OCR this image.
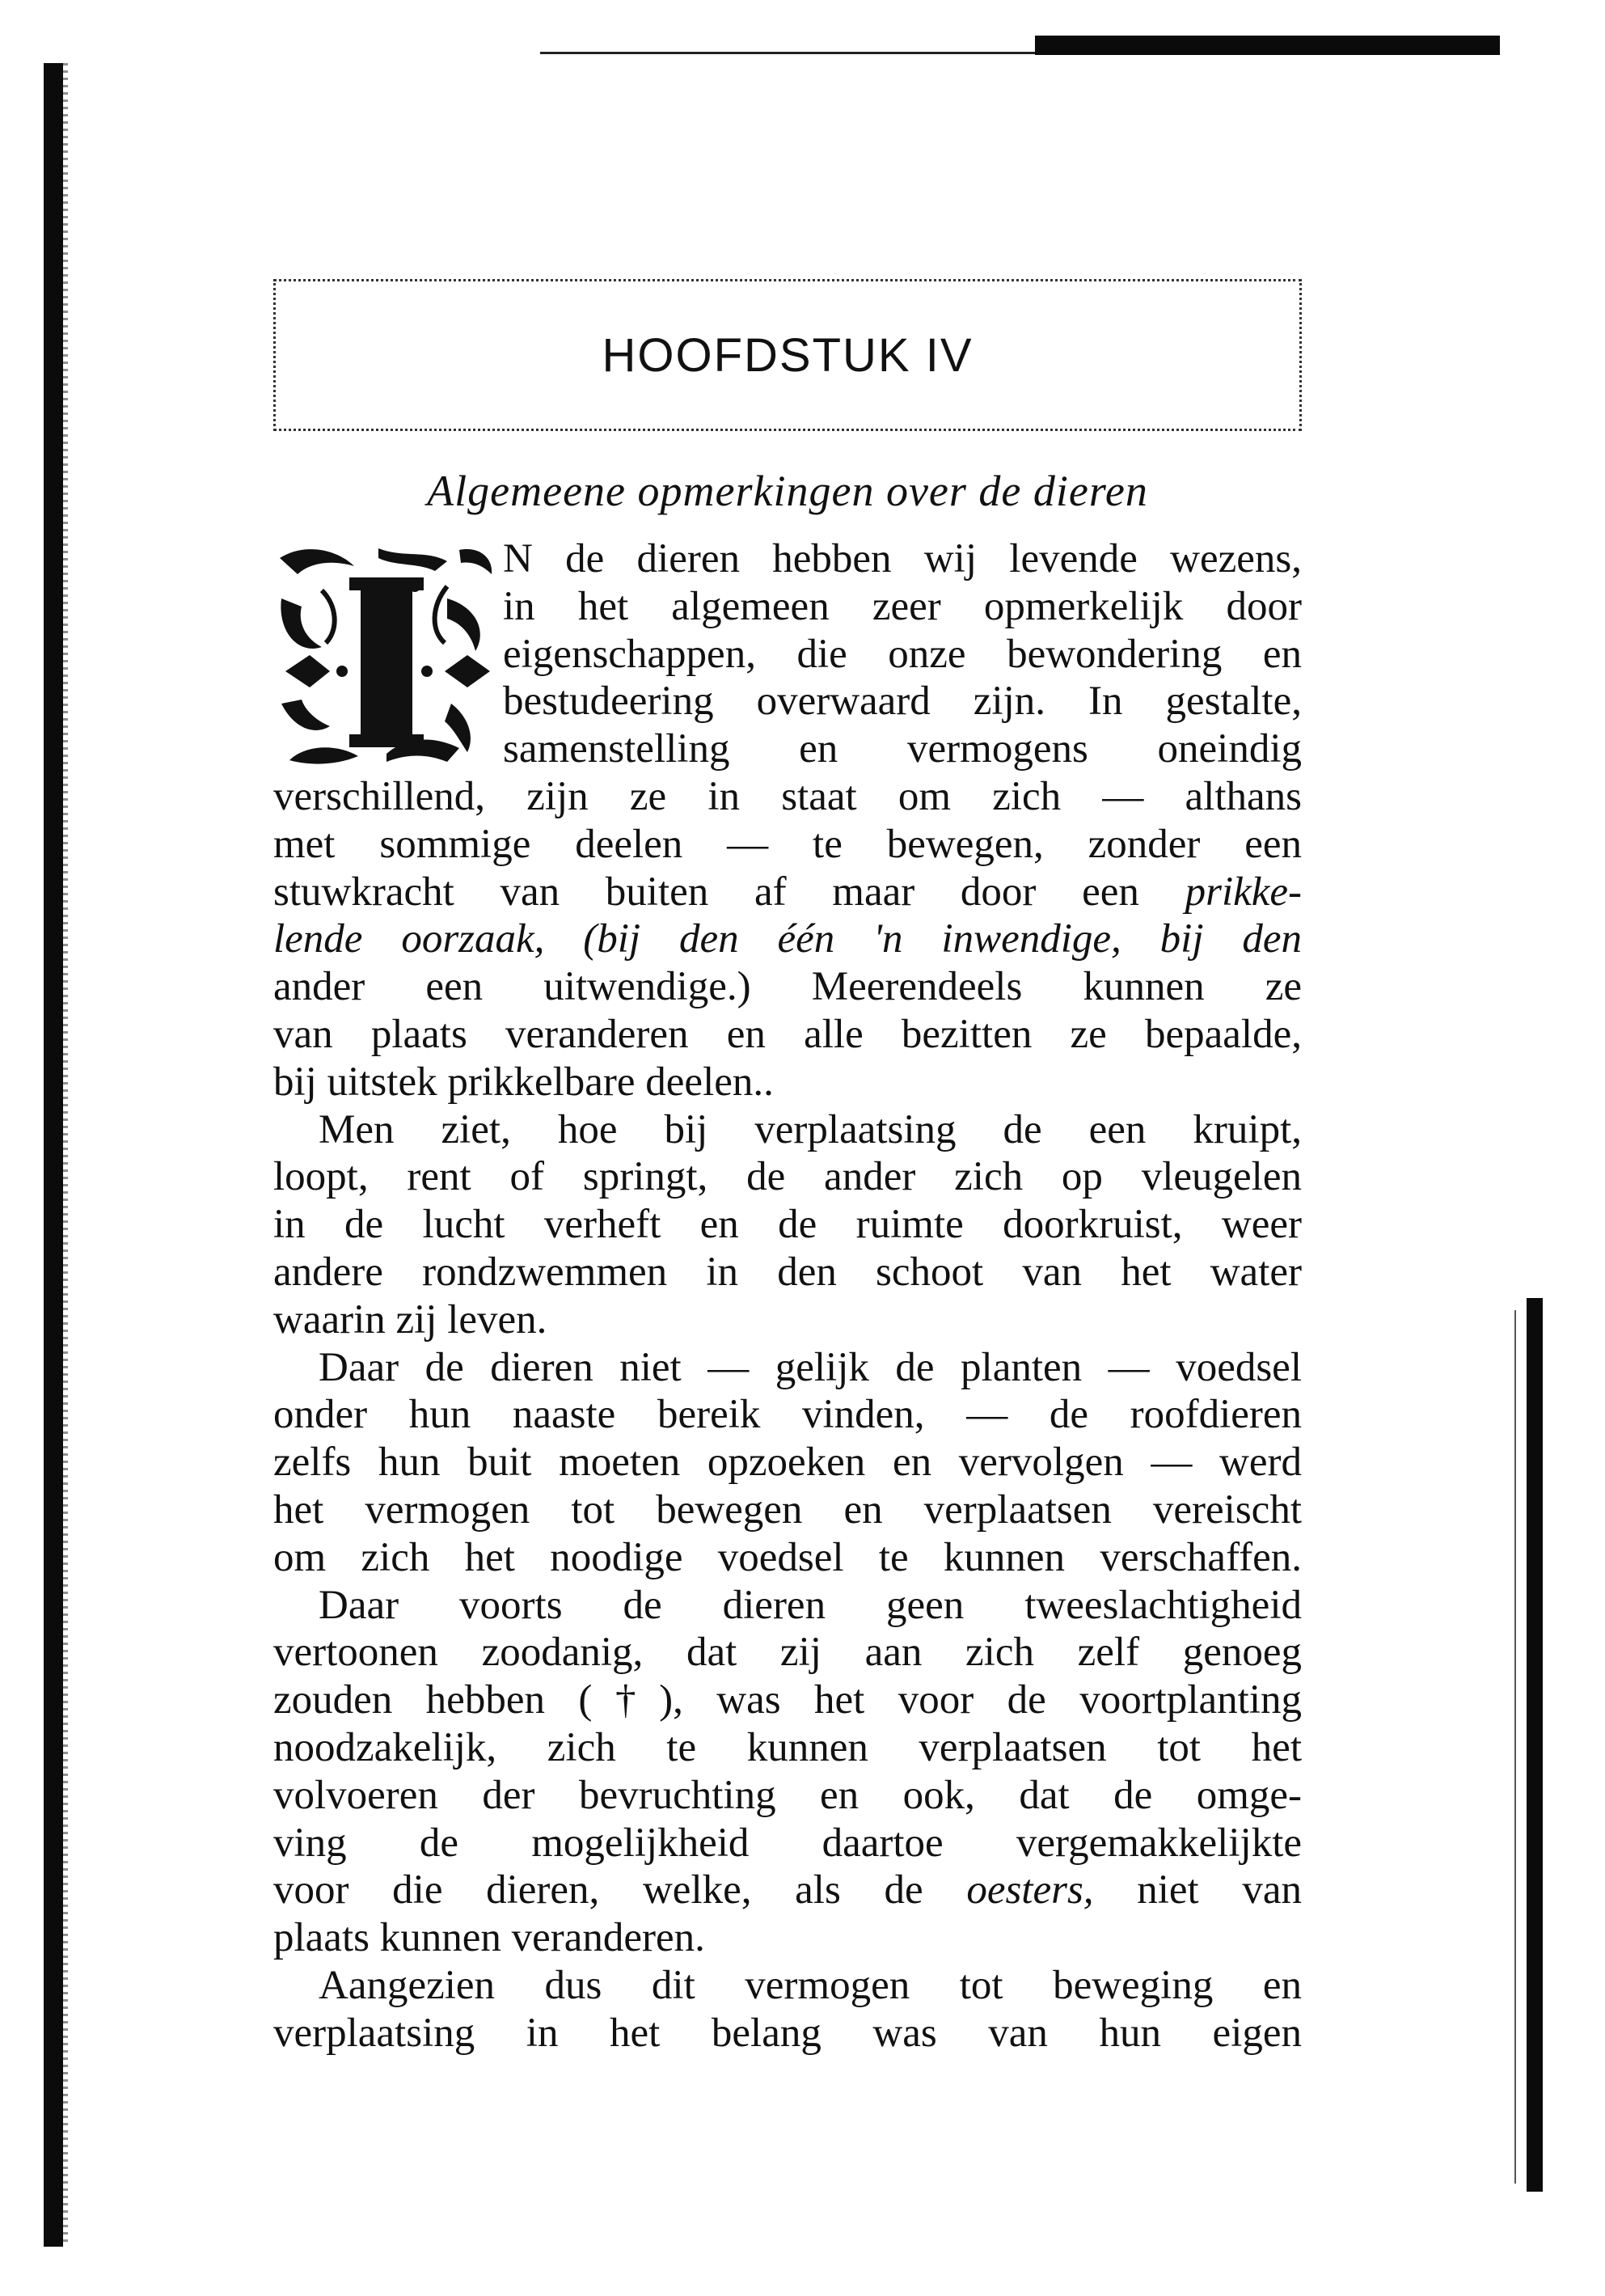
HOOFDSTUK IV
Algemeene opmerkingen over de dieren
I
N de dieren hebben wij levende wezens,
in het algemeen zeer opmerkelijk door
eigenschappen, die onze bewondering en
bestudeering overwaard zijn. In gestalte,
samenstelling en vermogens oneindig
verschillend, zijn ze in staat om zich — althans
met sommige deelen — te bewegen, zonder een
stuwkracht van buiten af maar door een prikke-
lende oorzaak, (bij den één 'n inwendige, bij den
ander een uitwendige.) Meerendeels kunnen ze
van plaats veranderen en alle bezitten ze bepaalde,
bij uitstek prikkelbare deelen..
Men ziet, hoe bij verplaatsing de een kruipt,
loopt, rent of springt, de ander zich op vleugelen
in de lucht verheft en de ruimte doorkruist, weer
andere rondzwemmen in den schoot van het water
waarin zij leven.
Daar de dieren niet — gelijk de planten — voedsel
onder hun naaste bereik vinden, — de roofdieren
zelfs hun buit moeten opzoeken en vervolgen — werd
het vermogen tot bewegen en verplaatsen vereischt
om zich het noodige voedsel te kunnen verschaffen.
Daar voorts de dieren geen tweeslachtigheid
vertoonen zoodanig, dat zij aan zich zelf genoeg
zouden hebben (†), was het voor de voortplanting
noodzakelijk, zich te kunnen verplaatsen tot het
volvoeren der bevruchting en ook, dat de omge-
ving de mogelijkheid daartoe vergemakkelijkte
voor die dieren, welke, als de oesters, niet van
plaats kunnen veranderen.
Aangezien dus dit vermogen tot beweging en
verplaatsing in het belang was van hun eigen
